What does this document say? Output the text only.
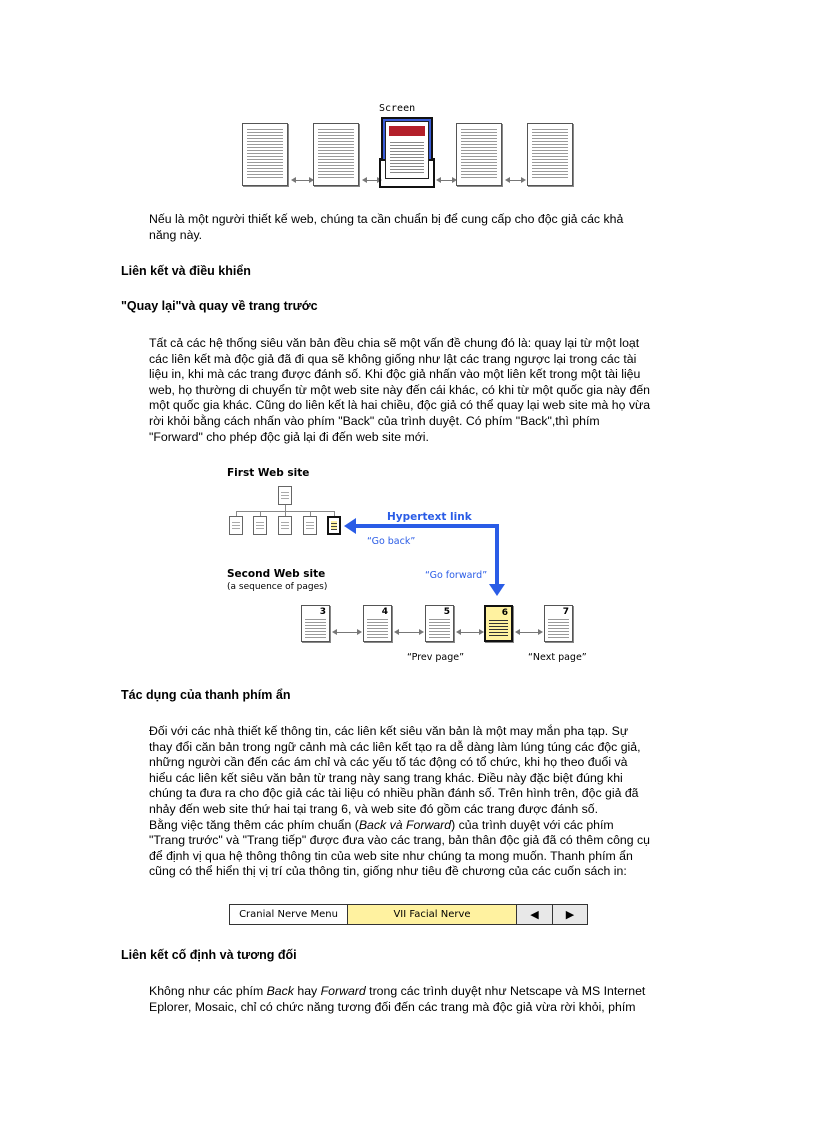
Screen
Nếu là một người thiết kế web, chúng ta cần chuẩn bị để cung cấp cho độc giả các khả
năng này.
Liên kết và điều khiển
"Quay lại"và quay về trang trước
Tất cả các hệ thống siêu văn bản đều chia sẽ một vấn đề chung đó là: quay lại từ một loạt
các liên kết mà độc giả đã đi qua sẽ không giống như lật các trang ngược lại trong các tài
liệu in, khi mà các trang được đánh số. Khi độc giả nhấn vào một liên kết trong một tài liệu
web, họ thường di chuyển từ một web site này đến cái khác, có khi từ một quốc gia này đến
một quốc gia khác. Cũng do liên kết là hai chiều, độc giả có thể quay lại web site mà họ vừa
rời khỏi bằng cách nhấn vào phím "Back" của trình duyệt. Có phím "Back",thì phím
"Forward" cho phép độc giả lại đi đến web site mới.
First Web site
Hypertext link
“Go back”
“Go forward”
Second Web site
(a sequence of pages)
3	4	5	6	7
“Prev page”	“Next page”
Tác dụng của thanh phím ẩn
Đối với các nhà thiết kế thông tin, các liên kết siêu văn bản là một may mắn pha tạp. Sự
thay đổi căn bản trong ngữ cảnh mà các liên kết tạo ra dễ dàng làm lúng túng các độc giả,
những người cần đến các ám chỉ và các yếu tố tác động có tổ chức, khi họ theo đuổi và
hiểu các liên kết siêu văn bản từ trang này sang trang khác. Điều này đặc biệt đúng khi
chúng ta đưa ra cho độc giả các tài liệu có nhiều phần đánh số. Trên hình trên, độc giả đã
nhảy đến web site thứ hai tại trang 6, và web site đó gồm các trang được đánh số.
Bằng việc tăng thêm các phím chuẩn (Back và Forward) của trình duyệt với các phím
"Trang trước" và "Trang tiếp" được đưa vào các trang, bản thân độc giả đã có thêm công cụ
để định vị qua hệ thông thông tin của web site như chúng ta mong muốn. Thanh phím ẩn
cũng có thể hiển thị vị trí của thông tin, giống như tiêu đề chương của các cuốn sách in:
Cranial Nerve Menu	VII Facial Nerve	◀ ▶
Liên kết cố định và tương đối
Không như các phím Back hay Forward trong các trình duyệt như Netscape và MS Internet
Eplorer, Mosaic, chỉ có chức năng tương đối đến các trang mà độc giả vừa rời khỏi, phím
